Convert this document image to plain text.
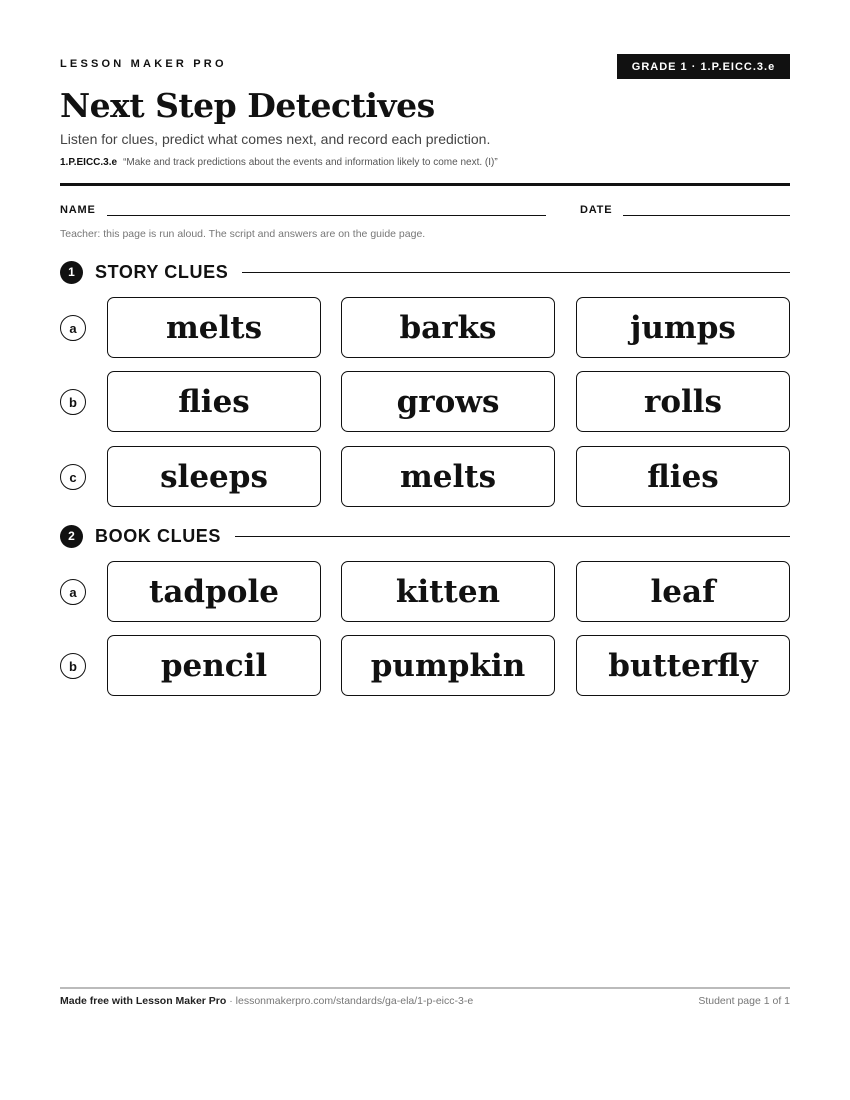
LESSON MAKER PRO	GRADE 1 · 1.P.EICC.3.e
Next Step Detectives
Listen for clues, predict what comes next, and record each prediction.
1.P.EICC.3.e “Make and track predictions about the events and information likely to come next. (I)”
NAME	DATE
Teacher: this page is run aloud. The script and answers are on the guide page.
1	STORY CLUES
a	melts	barks	jumps
b	flies	grows	rolls
c	sleeps	melts	flies
2	BOOK CLUES
a	tadpole	kitten	leaf
b	pencil	pumpkin	butterfly
Made free with Lesson Maker Pro · lessonmakerpro.com/standards/ga-ela/1-p-eicc-3-e	Student page 1 of 1
